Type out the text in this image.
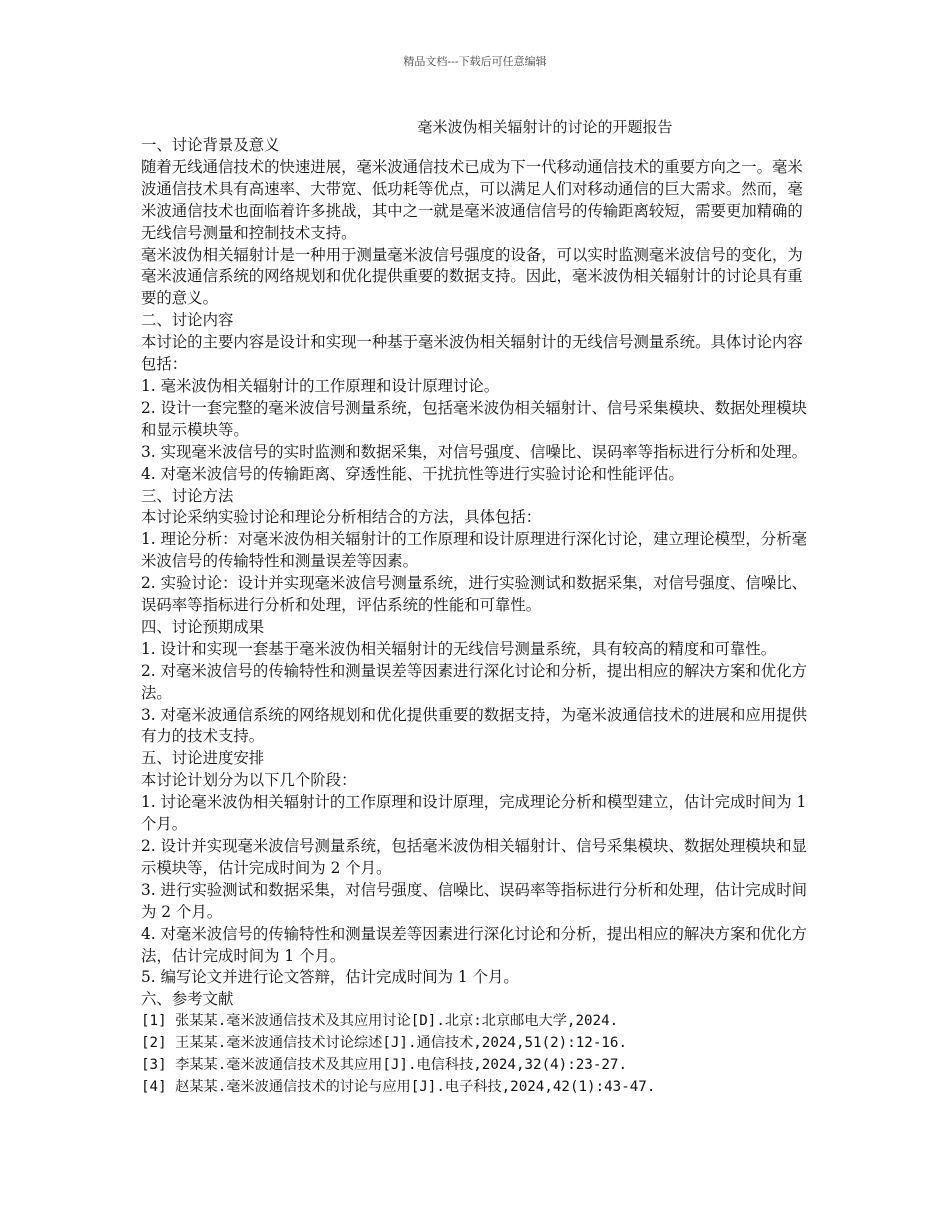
精品文档---下载后可任意编辑
毫米波伪相关辐射计的讨论的开题报告

一、讨论背景及意义

随着无线通信技术的快速进展，毫米波通信技术已成为下一代移动通信技术的重要方向之一。毫米波通信技术具有高速率、大带宽、低功耗等优点，可以满足人们对移动通信的巨大需求。然而，毫米波通信技术也面临着许多挑战，其中之一就是毫米波通信信号的传输距离较短，需要更加精确的无线信号测量和控制技术支持。

毫米波伪相关辐射计是一种用于测量毫米波信号强度的设备，可以实时监测毫米波信号的变化，为毫米波通信系统的网络规划和优化提供重要的数据支持。因此，毫米波伪相关辐射计的讨论具有重要的意义。

二、讨论内容

本讨论的主要内容是设计和实现一种基于毫米波伪相关辐射计的无线信号测量系统。具体讨论内容包括：

1. 毫米波伪相关辐射计的工作原理和设计原理讨论。

2. 设计一套完整的毫米波信号测量系统，包括毫米波伪相关辐射计、信号采集模块、数据处理模块和显示模块等。

3. 实现毫米波信号的实时监测和数据采集，对信号强度、信噪比、误码率等指标进行分析和处理。

4. 对毫米波信号的传输距离、穿透性能、干扰抗性等进行实验讨论和性能评估。

三、讨论方法

本讨论采纳实验讨论和理论分析相结合的方法，具体包括：

1. 理论分析：对毫米波伪相关辐射计的工作原理和设计原理进行深化讨论，建立理论模型，分析毫米波信号的传输特性和测量误差等因素。

2. 实验讨论：设计并实现毫米波信号测量系统，进行实验测试和数据采集，对信号强度、信噪比、误码率等指标进行分析和处理，评估系统的性能和可靠性。

四、讨论预期成果

1. 设计和实现一套基于毫米波伪相关辐射计的无线信号测量系统，具有较高的精度和可靠性。

2. 对毫米波信号的传输特性和测量误差等因素进行深化讨论和分析，提出相应的解决方案和优化方法。

3. 对毫米波通信系统的网络规划和优化提供重要的数据支持，为毫米波通信技术的进展和应用提供有力的技术支持。

五、讨论进度安排

本讨论计划分为以下几个阶段：

1. 讨论毫米波伪相关辐射计的工作原理和设计原理，完成理论分析和模型建立，估计完成时间为 1 个月。

2. 设计并实现毫米波信号测量系统，包括毫米波伪相关辐射计、信号采集模块、数据处理模块和显示模块等，估计完成时间为 2 个月。

3. 进行实验测试和数据采集，对信号强度、信噪比、误码率等指标进行分析和处理，估计完成时间为 2 个月。

4. 对毫米波信号的传输特性和测量误差等因素进行深化讨论和分析，提出相应的解决方案和优化方法，估计完成时间为 1 个月。

5. 编写论文并进行论文答辩，估计完成时间为 1 个月。

六、参考文献

[1] 张某某.毫米波通信技术及其应用讨论[D].北京:北京邮电大学,2024.

[2] 王某某.毫米波通信技术讨论综述[J].通信技术,2024,51(2):12-16.

[3] 李某某.毫米波通信技术及其应用[J].电信科技,2024,32(4):23-27.

[4] 赵某某.毫米波通信技术的讨论与应用[J].电子科技,2024,42(1):43-47.
